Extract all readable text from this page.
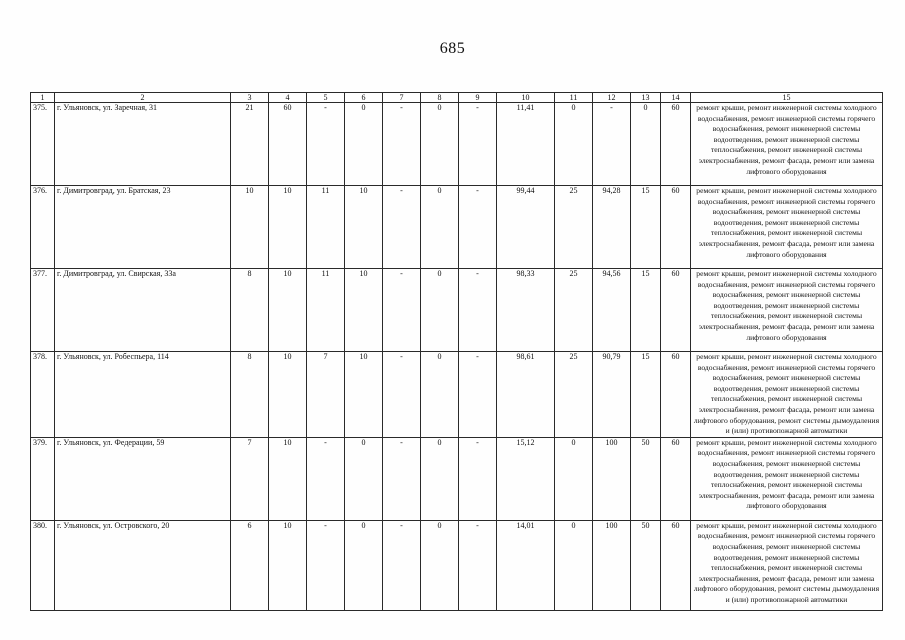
685
1	2	3	4	5	6	7	8	9	10	11	12	13	14	15
375.	г. Ульяновск, ул. Заречная, 31	21	60	-	0	-	0	-	11,41	0	-	0	60	ремонт крыши, ремонт инженерной системы холодного водоснабжения, ремонт инженерной системы горячего водоснабжения, ремонт инженерной системы водоотведения, ремонт инженерной системы теплоснабжения, ремонт инженерной системы электроснабжения, ремонт фасада, ремонт или замена лифтового оборудования
376.	г. Димитровград, ул. Братская, 23	10	10	11	10	-	0	-	99,44	25	94,28	15	60	ремонт крыши, ремонт инженерной системы холодного водоснабжения, ремонт инженерной системы горячего водоснабжения, ремонт инженерной системы водоотведения, ремонт инженерной системы теплоснабжения, ремонт инженерной системы электроснабжения, ремонт фасада, ремонт или замена лифтового оборудования
377.	г. Димитровград, ул. Свирская, 33а	8	10	11	10	-	0	-	98,33	25	94,56	15	60	ремонт крыши, ремонт инженерной системы холодного водоснабжения, ремонт инженерной системы горячего водоснабжения, ремонт инженерной системы водоотведения, ремонт инженерной системы теплоснабжения, ремонт инженерной системы электроснабжения, ремонт фасада, ремонт или замена лифтового оборудования
378.	г. Ульяновск, ул. Робеспьера, 114	8	10	7	10	-	0	-	98,61	25	90,79	15	60	ремонт крыши, ремонт инженерной системы холодного водоснабжения, ремонт инженерной системы горячего водоснабжения, ремонт инженерной системы водоотведения, ремонт инженерной системы теплоснабжения, ремонт инженерной системы электроснабжения, ремонт фасада, ремонт или замена лифтового оборудования, ремонт системы дымоудаления и (или) противопожарной автоматики
379.	г. Ульяновск, ул. Федерации, 59	7	10	-	0	-	0	-	15,12	0	100	50	60	ремонт крыши, ремонт инженерной системы холодного водоснабжения, ремонт инженерной системы горячего водоснабжения, ремонт инженерной системы водоотведения, ремонт инженерной системы теплоснабжения, ремонт инженерной системы электроснабжения, ремонт фасада, ремонт или замена лифтового оборудования
380.	г. Ульяновск, ул. Островского, 20	6	10	-	0	-	0	-	14,01	0	100	50	60	ремонт крыши, ремонт инженерной системы холодного водоснабжения, ремонт инженерной системы горячего водоснабжения, ремонт инженерной системы водоотведения, ремонт инженерной системы теплоснабжения, ремонт инженерной системы электроснабжения, ремонт фасада, ремонт или замена лифтового оборудования, ремонт системы дымоудаления и (или) противопожарной автоматики
